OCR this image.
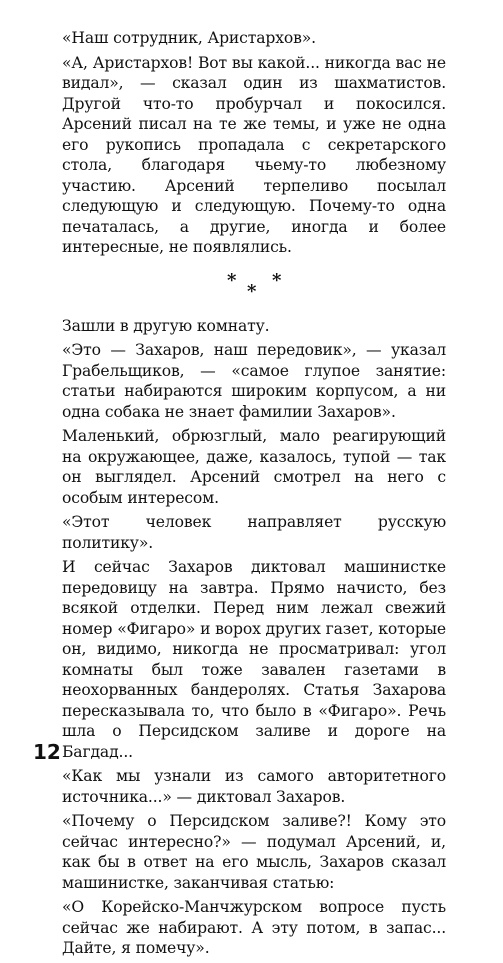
«Наш сотрудник, Аристархов».

«А, Аристархов! Вот вы какой... никогда вас не видал», — сказал один из шахматистов. Другой что-то пробурчал и покосился. Арсений писал на те же темы, и уже не одна его рукопись пропадала с секретарского стола, благодаря чьему-то любезному участию. Арсений терпеливо посылал следующую и следующую. Почему-то одна печаталась, а другие, иногда и более интересные, не появлялись.

*
*
*

Зашли в другую комнату.

«Это — Захаров, наш передовик», — указал Грабельщиков, — «самое глупое занятие: статьи набираются широким корпусом, а ни одна собака не знает фамилии Захаров».

Маленький, обрюзглый, мало реагирующий на окружающее, даже, казалось, тупой — так он выглядел. Арсений смотрел на него с особым интересом.

«Этот человек направляет русскую политику».

И сейчас Захаров диктовал машинистке передовицу на завтра. Прямо начисто, без всякой отделки. Перед ним лежал свежий номер «Фигаро» и ворох других газет, которые он, видимо, никогда не просматривал: угол комнаты был тоже завален газетами в неохорванных бандеролях. Статья Захарова пересказывала то, что было в «Фигаро». Речь шла о Персидском заливе и дороге на Багдад...

«Как мы узнали из самого авторитетного источника...» — диктовал Захаров.

«Почему о Персидском заливе?! Кому это сейчас интересно?» — подумал Арсений, и, как бы в ответ на его мысль, Захаров сказал машинистке, заканчивая статью:

«О Корейско-Манчжурском вопросе пусть сейчас же набирают. А эту потом, в запас... Дайте, я помечу».

12
